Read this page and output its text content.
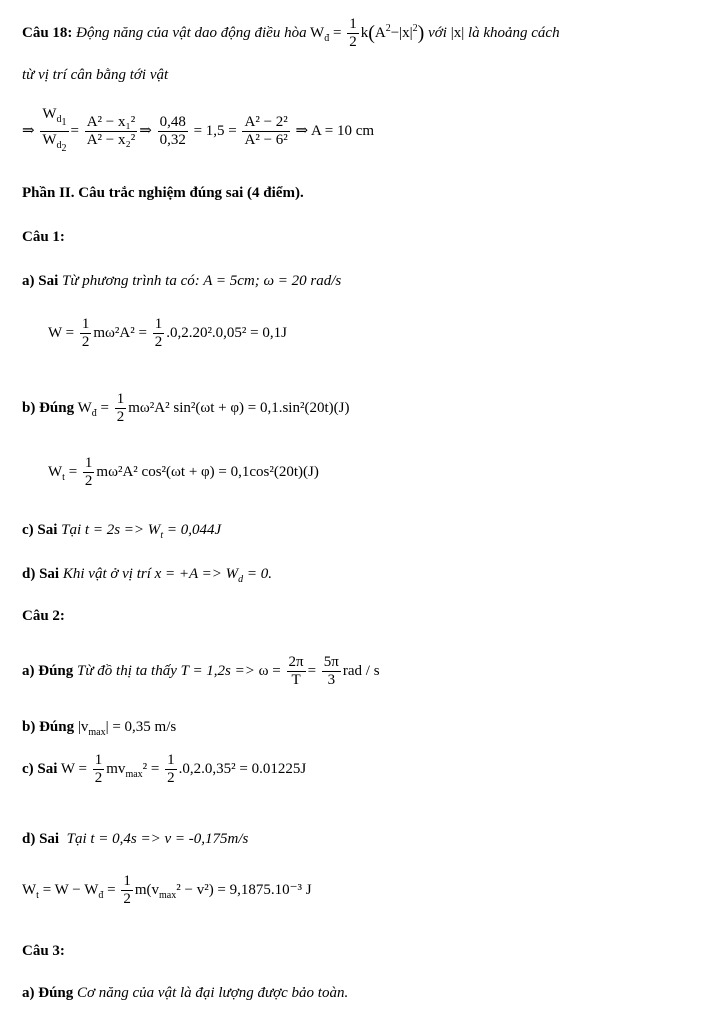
Câu 18: Động năng của vật dao động điều hòa $W_đ = \frac{1}{2} k(A^2-|x|^2)$ với |x| là khoảng cách
từ vị trí cân bằng tới vật
⇒ $\frac{W_{d_1}}{W_{d_2}} = \frac{\text{A² − x₁²}}{\text{A² − x₂²}}$ ⇒ $\frac{0,48}{0,32} = 1,5 = \frac{\text{A² − 2²}}{\text{A² − 6²}}$ ⇒ A = 10 cm
Phần II. Câu trắc nghiệm đúng sai (4 điểm).
Câu 1:
a) Sai Từ phương trình ta có: A = 5cm; ω = 20 rad/s
$W = \frac{1}{2} m\omega^2A^2 = \frac{1}{2} .0,2.20^2.0,05^2 = 0,1J$
b) Đúng $W_đ = \frac{1}{2} m\omega^2A^2$ sin²(ωt + φ) = 0,1.sin²(20t)(J)
$W_t = \frac{1}{2} m\omega^2A^2$ cos²(ωt + φ) = 0,1cos²(20t)(J)
c) Sai Tại $t = 2s => W_t = 0,044J$
d) Sai Khi vật ở vị trí $x = +A => W_d = 0$.
Câu 2:
a) Đúng Từ đồ thị ta thấy $T = 1,2s => \omega = \frac{2\pi}{T} = \frac{5\pi}{3}$ rad / s
b) Đúng $|v_{max}| = 0,35$ m/s
c) Sai $W = \frac{1}{2} mv_{max}^2 = \frac{1}{2} .0,2.0,35^2 = 0.01225J$
d) Sai Tại t = 0,4s => v = -0,175m/s
$W_t = W - W_đ = \frac{1}{2} m(v_{max}^2 - v^2) = 9,1875.10^{-3}$ J
Câu 3:
a) Đúng Cơ năng của vật là đại lượng được bảo toàn.
